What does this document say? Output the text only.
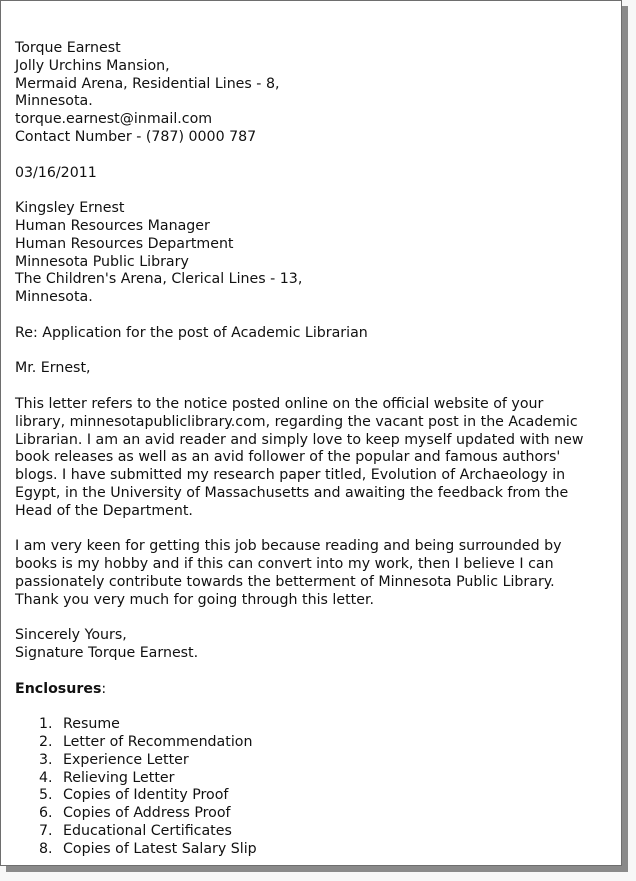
Torque Earnest
Jolly Urchins Mansion,
Mermaid Arena, Residential Lines - 8,
Minnesota.
torque.earnest@inmail.com
Contact Number - (787) 0000 787
03/16/2011
Kingsley Ernest
Human Resources Manager
Human Resources Department
Minnesota Public Library
The Children's Arena, Clerical Lines - 13,
Minnesota.
Re: Application for the post of Academic Librarian
Mr. Ernest,
This letter refers to the notice posted online on the official website of your
library, minnesotapubliclibrary.com, regarding the vacant post in the Academic
Librarian. I am an avid reader and simply love to keep myself updated with new
book releases as well as an avid follower of the popular and famous authors'
blogs. I have submitted my research paper titled, Evolution of Archaeology in
Egypt, in the University of Massachusetts and awaiting the feedback from the
Head of the Department.
I am very keen for getting this job because reading and being surrounded by
books is my hobby and if this can convert into my work, then I believe I can
passionately contribute towards the betterment of Minnesota Public Library.
Thank you very much for going through this letter.
Sincerely Yours,
Signature Torque Earnest.
Enclosures:
1. Resume
2. Letter of Recommendation
3. Experience Letter
4. Relieving Letter
5. Copies of Identity Proof
6. Copies of Address Proof
7. Educational Certificates
8. Copies of Latest Salary Slip
